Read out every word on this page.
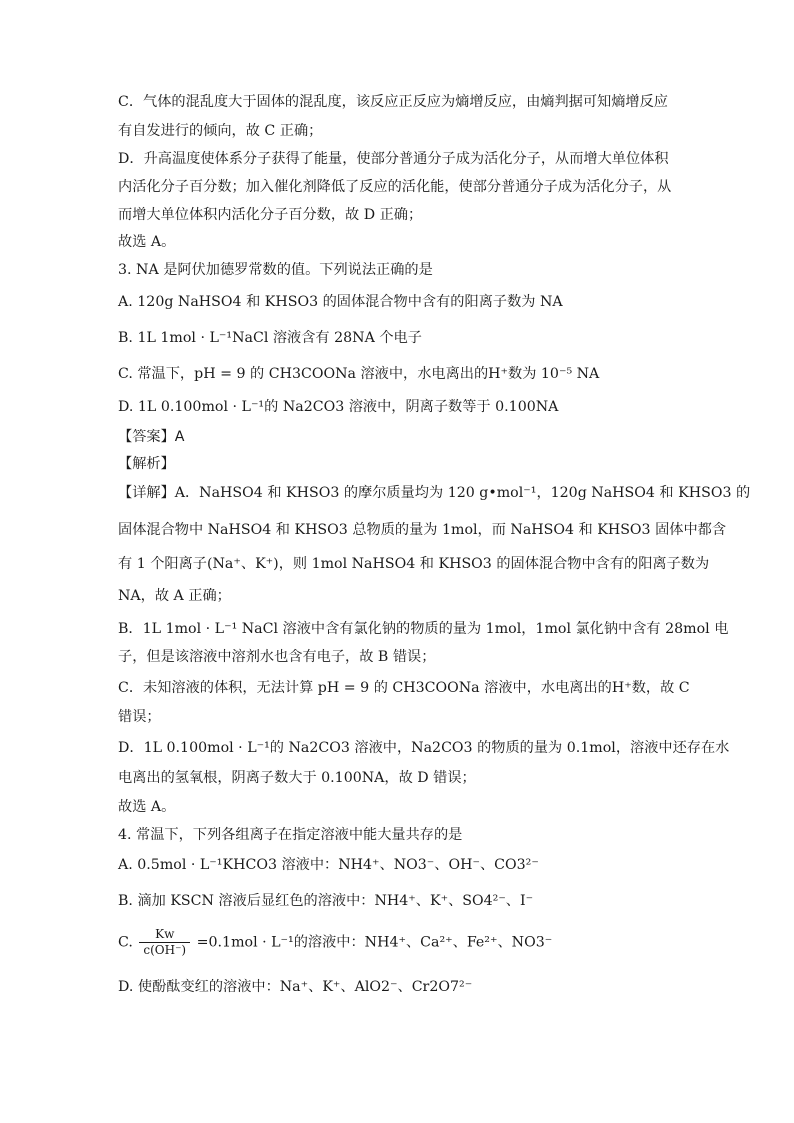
C．气体的混乱度大于固体的混乱度，该反应正反应为熵增反应，由熵判据可知熵增反应
有自发进行的倾向，故 C 正确；
D．升高温度使体系分子获得了能量，使部分普通分子成为活化分子，从而增大单位体积
内活化分子百分数；加入催化剂降低了反应的活化能，使部分普通分子成为活化分子，从
而增大单位体积内活化分子百分数，故 D 正确；
故选 A。
3. NA 是阿伏加德罗常数的值。下列说法正确的是
A. 120g NaHSO4 和 KHSO3 的固体混合物中含有的阳离子数为 NA
B. 1L 1mol · L⁻¹NaCl 溶液含有 28NA 个电子
C. 常温下，pH = 9 的 CH3COONa 溶液中，水电离出的H⁺数为 10⁻⁵ NA
D. 1L 0.100mol · L⁻¹的 Na2CO3 溶液中，阴离子数等于 0.100NA
【答案】A
【解析】
【详解】A．NaHSO4 和 KHSO3 的摩尔质量均为 120 g•mol⁻¹，120g NaHSO4 和 KHSO3 的
固体混合物中 NaHSO4 和 KHSO3 总物质的量为 1mol，而 NaHSO4 和 KHSO3 固体中都含
有 1 个阳离子(Na⁺、K⁺)，则 1mol NaHSO4 和 KHSO3 的固体混合物中含有的阳离子数为
NA，故 A 正确；
B．1L 1mol · L⁻¹ NaCl 溶液中含有氯化钠的物质的量为 1mol，1mol 氯化钠中含有 28mol 电
子，但是该溶液中溶剂水也含有电子，故 B 错误；
C．未知溶液的体积，无法计算 pH = 9 的 CH3COONa 溶液中，水电离出的H⁺数，故 C
错误；
D．1L 0.100mol · L⁻¹的 Na2CO3 溶液中，Na2CO3 的物质的量为 0.1mol，溶液中还存在水
电离出的氢氧根，阴离子数大于 0.100NA，故 D 错误；
故选 A。
4. 常温下，下列各组离子在指定溶液中能大量共存的是
A. 0.5mol · L⁻¹KHCO3 溶液中：NH4⁺、NO3⁻、OH⁻、CO3²⁻
B. 滴加 KSCN 溶液后显红色的溶液中：NH4⁺、K⁺、SO4²⁻、I⁻
C. $\frac{Kw}{c(OH^-)} =0.1mol \cdot L^{-1}$的溶液中：NH4⁺、Ca²⁺、Fe²⁺、NO3⁻
D. 使酚酞变红的溶液中：Na⁺、K⁺、AlO2⁻、Cr2O7²⁻
